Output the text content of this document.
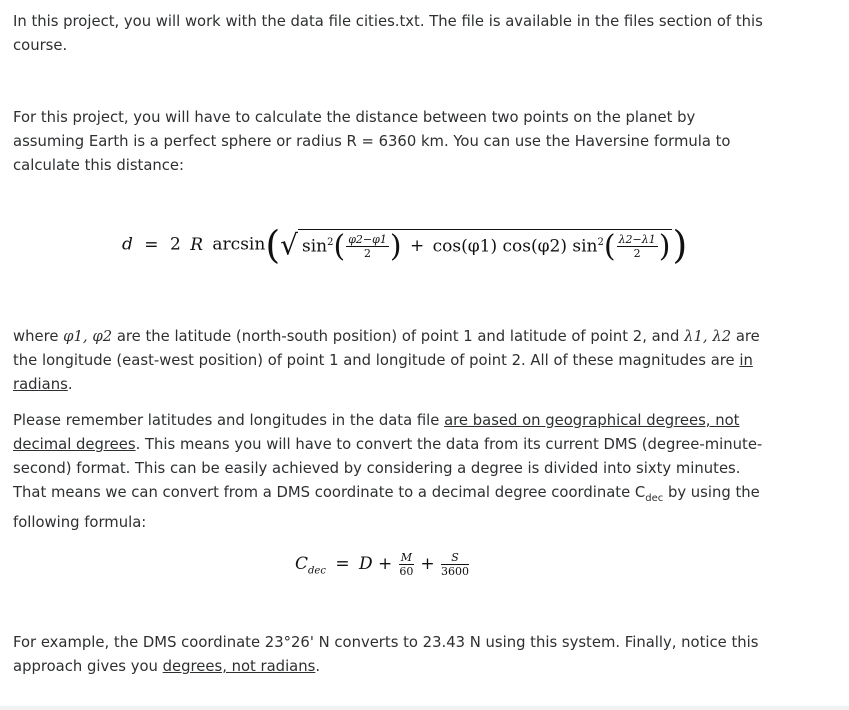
In this project, you will work with the data file cities.txt. The file is available in the files section of this course.

For this project, you will have to calculate the distance between two points on the planet by assuming Earth is a perfect sphere or radius R = 6360 km. You can use the Haversine formula to calculate this distance:

d = 2 R arcsin(√ $\sin^2( \frac{\varphi 2-\varphi 1}{2}$ ) + cos(φ1) cos(φ2) $\sin^2( \frac{\lambda 2-\lambda 1}{2}$ ))

where φ1, φ2 are the latitude (north-south position) of point 1 and latitude of point 2, and λ1, λ2 are the longitude (east-west position) of point 1 and longitude of point 2. All of these magnitudes are in radians.

Please remember latitudes and longitudes in the data file are based on geographical degrees, not decimal degrees. This means you will have to convert the data from its current DMS (degree-minute-second) format. This can be easily achieved by considering a degree is divided into sixty minutes. That means we can convert from a DMS coordinate to a decimal degree coordinate $C_{dec}$ by using the following formula:

$C_{dec} = D + \frac{M}{60} + \frac{S}{3600}$

For example, the DMS coordinate 23°26' N converts to 23.43 N using this system. Finally, notice this approach gives you degrees, not radians.
